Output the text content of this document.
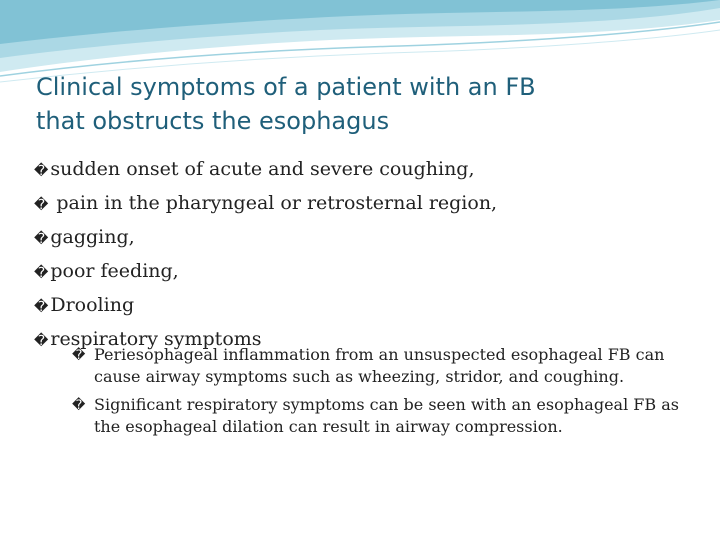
Clinical symptoms of a patient with an FB
that obstructs the esophagus
� sudden onset of acute and severe coughing,
� pain in the pharyngeal or retrosternal region,
� gagging,
� poor feeding,
� Drooling
� respiratory symptoms
� Periesophageal inflammation from an unsuspected esophageal FB can cause airway symptoms such as wheezing, stridor, and coughing.
� Significant respiratory symptoms can be seen with an esophageal FB as the esophageal dilation can result in airway compression.
